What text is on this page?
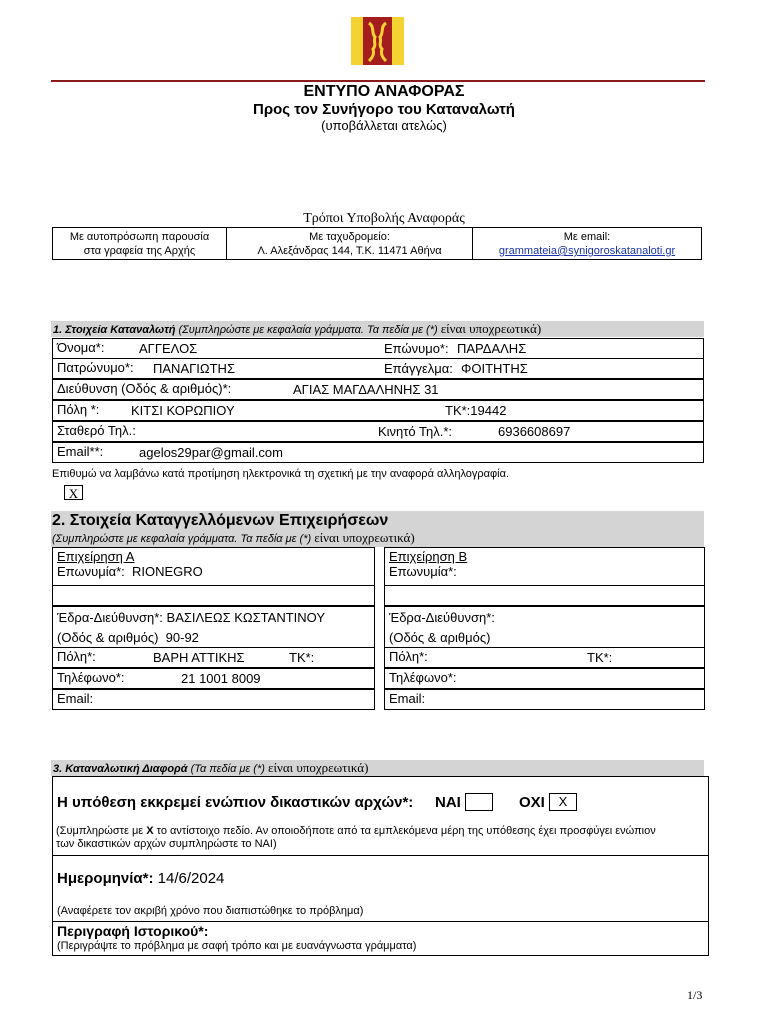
ΕΝΤΥΠΟ ΑΝΑΦΟΡΑΣ
Προς τον Συνήγορο του Καταναλωτή
(υποβάλλεται ατελώς)
Τρόποι Υποβολής Αναφοράς
Με αυτοπρόσωπη παρουσία
στα γραφεία της Αρχής
Με ταχυδρομείο:
Λ. Αλεξάνδρας 144, Τ.Κ. 11471 Αθήνα
Με email:
grammateia@synigoroskatanaloti.gr
1. Στοιχεία Καταναλωτή (Συμπληρώστε με κεφαλαία γράμματα. Τα πεδία με (*) είναι υποχρεωτικά)
Όνομα*:	ΑΓΓΕΛΟΣ	Επώνυμο*: ΠΑΡΔΑΛΗΣ
Πατρώνυμο*: ΠΑΝΑΓΙΩΤΗΣ	Επάγγελμα: ΦΟΙΤΗΤΗΣ
Διεύθυνση (Οδός & αριθμός)*:	ΑΓΙΑΣ ΜΑΓΔΑΛΗΝΗΣ 31
Πόλη *: ΚΙΤΣΙ ΚΟΡΩΠΙΟΥ	ΤΚ*:19442
Σταθερό Τηλ.:	Κινητό Τηλ.*:	6936608697
Email**:	agelos29par@gmail.com
Επιθυμώ να λαμβάνω κατά προτίμηση ηλεκτρονικά τη σχετική με την αναφορά αλληλογραφία.
X
2. Στοιχεία Καταγγελλόμενων Επιχειρήσεων
(Συμπληρώστε με κεφαλαία γράμματα. Τα πεδία με (*) είναι υποχρεωτικά)
Επιχείρηση Α
Επωνυμία*: RIONEGRO
Έδρα-Διεύθυνση*: ΒΑΣΙΛΕΩΣ ΚΩΣΤΑΝΤΙΝΟΥ
(Οδός & αριθμός) 90-92
Πόλη*:	ΒΑΡΗ ΑΤΤΙΚΗΣ	ΤΚ*:
Τηλέφωνο*:	21 1001 8009
Email:
Επιχείρηση Β
Επωνυμία*:
Έδρα-Διεύθυνση*:
(Οδός & αριθμός)
Πόλη*:	ΤΚ*:
Τηλέφωνο*:
Email:
3. Καταναλωτική Διαφορά (Τα πεδία με (*) είναι υποχρεωτικά)
Η υπόθεση εκκρεμεί ενώπιον δικαστικών αρχών*: ΝΑΙ	ΟΧΙ	X
(Συμπληρώστε με Χ το αντίστοιχο πεδίο. Αν οποιοδήποτε από τα εμπλεκόμενα μέρη της υπόθεσης έχει προσφύγει ενώπιον
των δικαστικών αρχών συμπληρώστε το ΝΑΙ)
Ημερομηνία*: 14/6/2024
(Αναφέρετε τον ακριβή χρόνο που διαπιστώθηκε το πρόβλημα)
Περιγραφή Ιστορικού*:
(Περιγράψτε το πρόβλημα με σαφή τρόπο και με ευανάγνωστα γράμματα)
1/3
